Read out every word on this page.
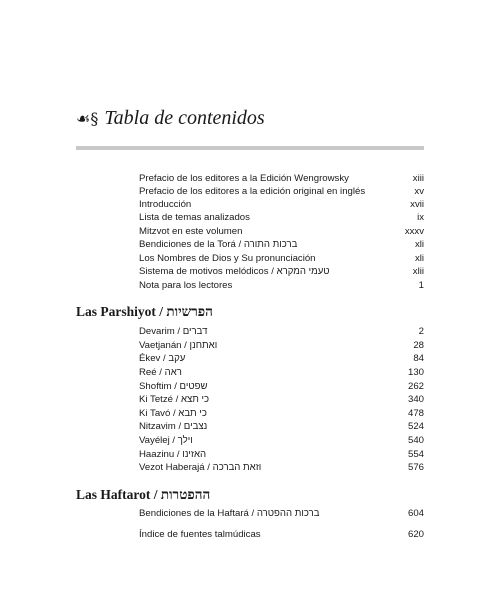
☙§ Tabla de contenidos
Prefacio de los editores a la Edición Wengrowsky	xiii
Prefacio de los editores a la edición original en inglés	xv
Introducción	xvii
Lista de temas analizados	ix
Mitzvot en este volumen	xxxv
Bendiciones de la Torá / ברכות התורה	xli
Los Nombres de Dios y Su pronunciación	xli
Sistema de motivos melódicos / טעמי המקרא	xlii
Nota para los lectores	1
Las Parshiyot / הפרשיות
Devarim / דברים	2
Vaetjanán / ואתחנן	28
Ékev / עקב	84
Reé / ראה	130
Shoftim / שפטים	262
Ki Tetzé / כי תצא	340
Ki Tavó / כי תבא	478
Nitzavim / נצבים	524
Vayélej / וילך	540
Haazinu / האזינו	554
Vezot Haberajá / וזאת הברכה	576
Las Haftarot / ההפטרות
Bendiciones de la Haftará / ברכות ההפטרה	604
Índice de fuentes talmúdicas	620
